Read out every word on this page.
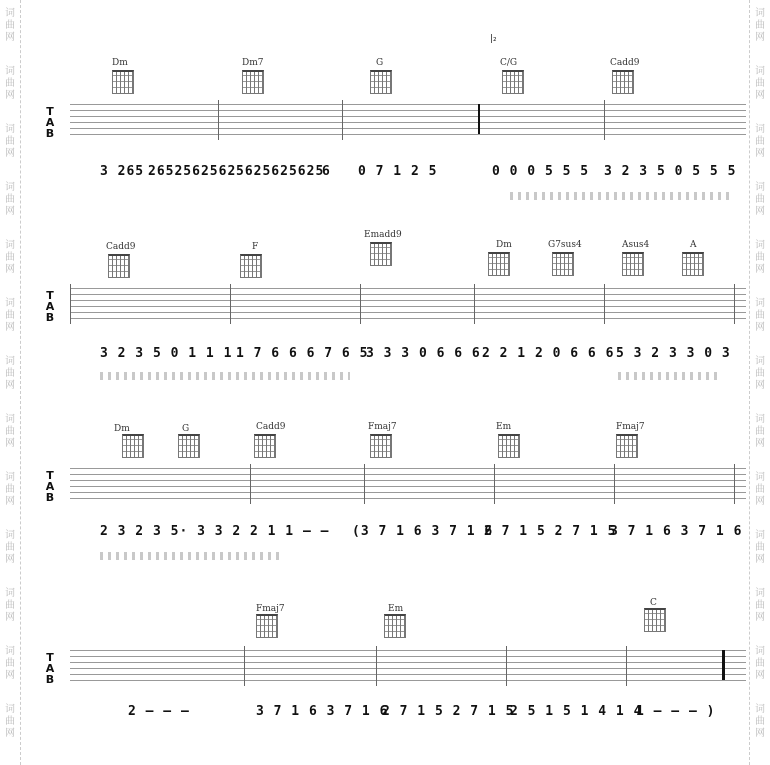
词
曲
网
词
曲
网
词
曲
网
词
曲
网
词
曲
网
词
曲
网
词
曲
网
词
曲
网
词
曲
网
词
曲
网
词
曲
网
词
曲
网
词
曲
网
词
曲
网
词
曲
网
词
曲
网
词
曲
网
词
曲
网
词
曲
网
词
曲
网
词
曲
网
词
曲
网
词
曲
网
词
曲
网
词
曲
网
词
曲
网
|₂
Dm	Dm7	G	C/G	Cadd9
T
A
B
3 265 2652562562 5625625625
6 0 7 1 2 5	0 0 0 5 5 5 3 2 3 5 0 5 5 5
Cadd9	F
Emadd9
Dm	G7sus4	Asus4	A
T
A
B
3 2 3 5 0 1 1 1 1 7 6 6 6 7 6 5
3 3 3 0 6 6 6 2 2 1 2 0 6 6 6 5 3 2 3 3 0 3
Dm	G	Cadd9	Fmaj7	Em	Fmaj7
T
A
B
2 3 2 3 5· 3 3 2 2 1 1 — — (3 7 1 6 3 7 1 6
2 7 1 5 2 7 1 5
3 7 1 6 3 7 1 6
Fmaj7	Em
C
T
A
B
2 — — —	3 7 1 6 3 7 1 6
2 7 1 5 2 7 1 5
2 5 1 5 1 4 1 4
1 — — — )
